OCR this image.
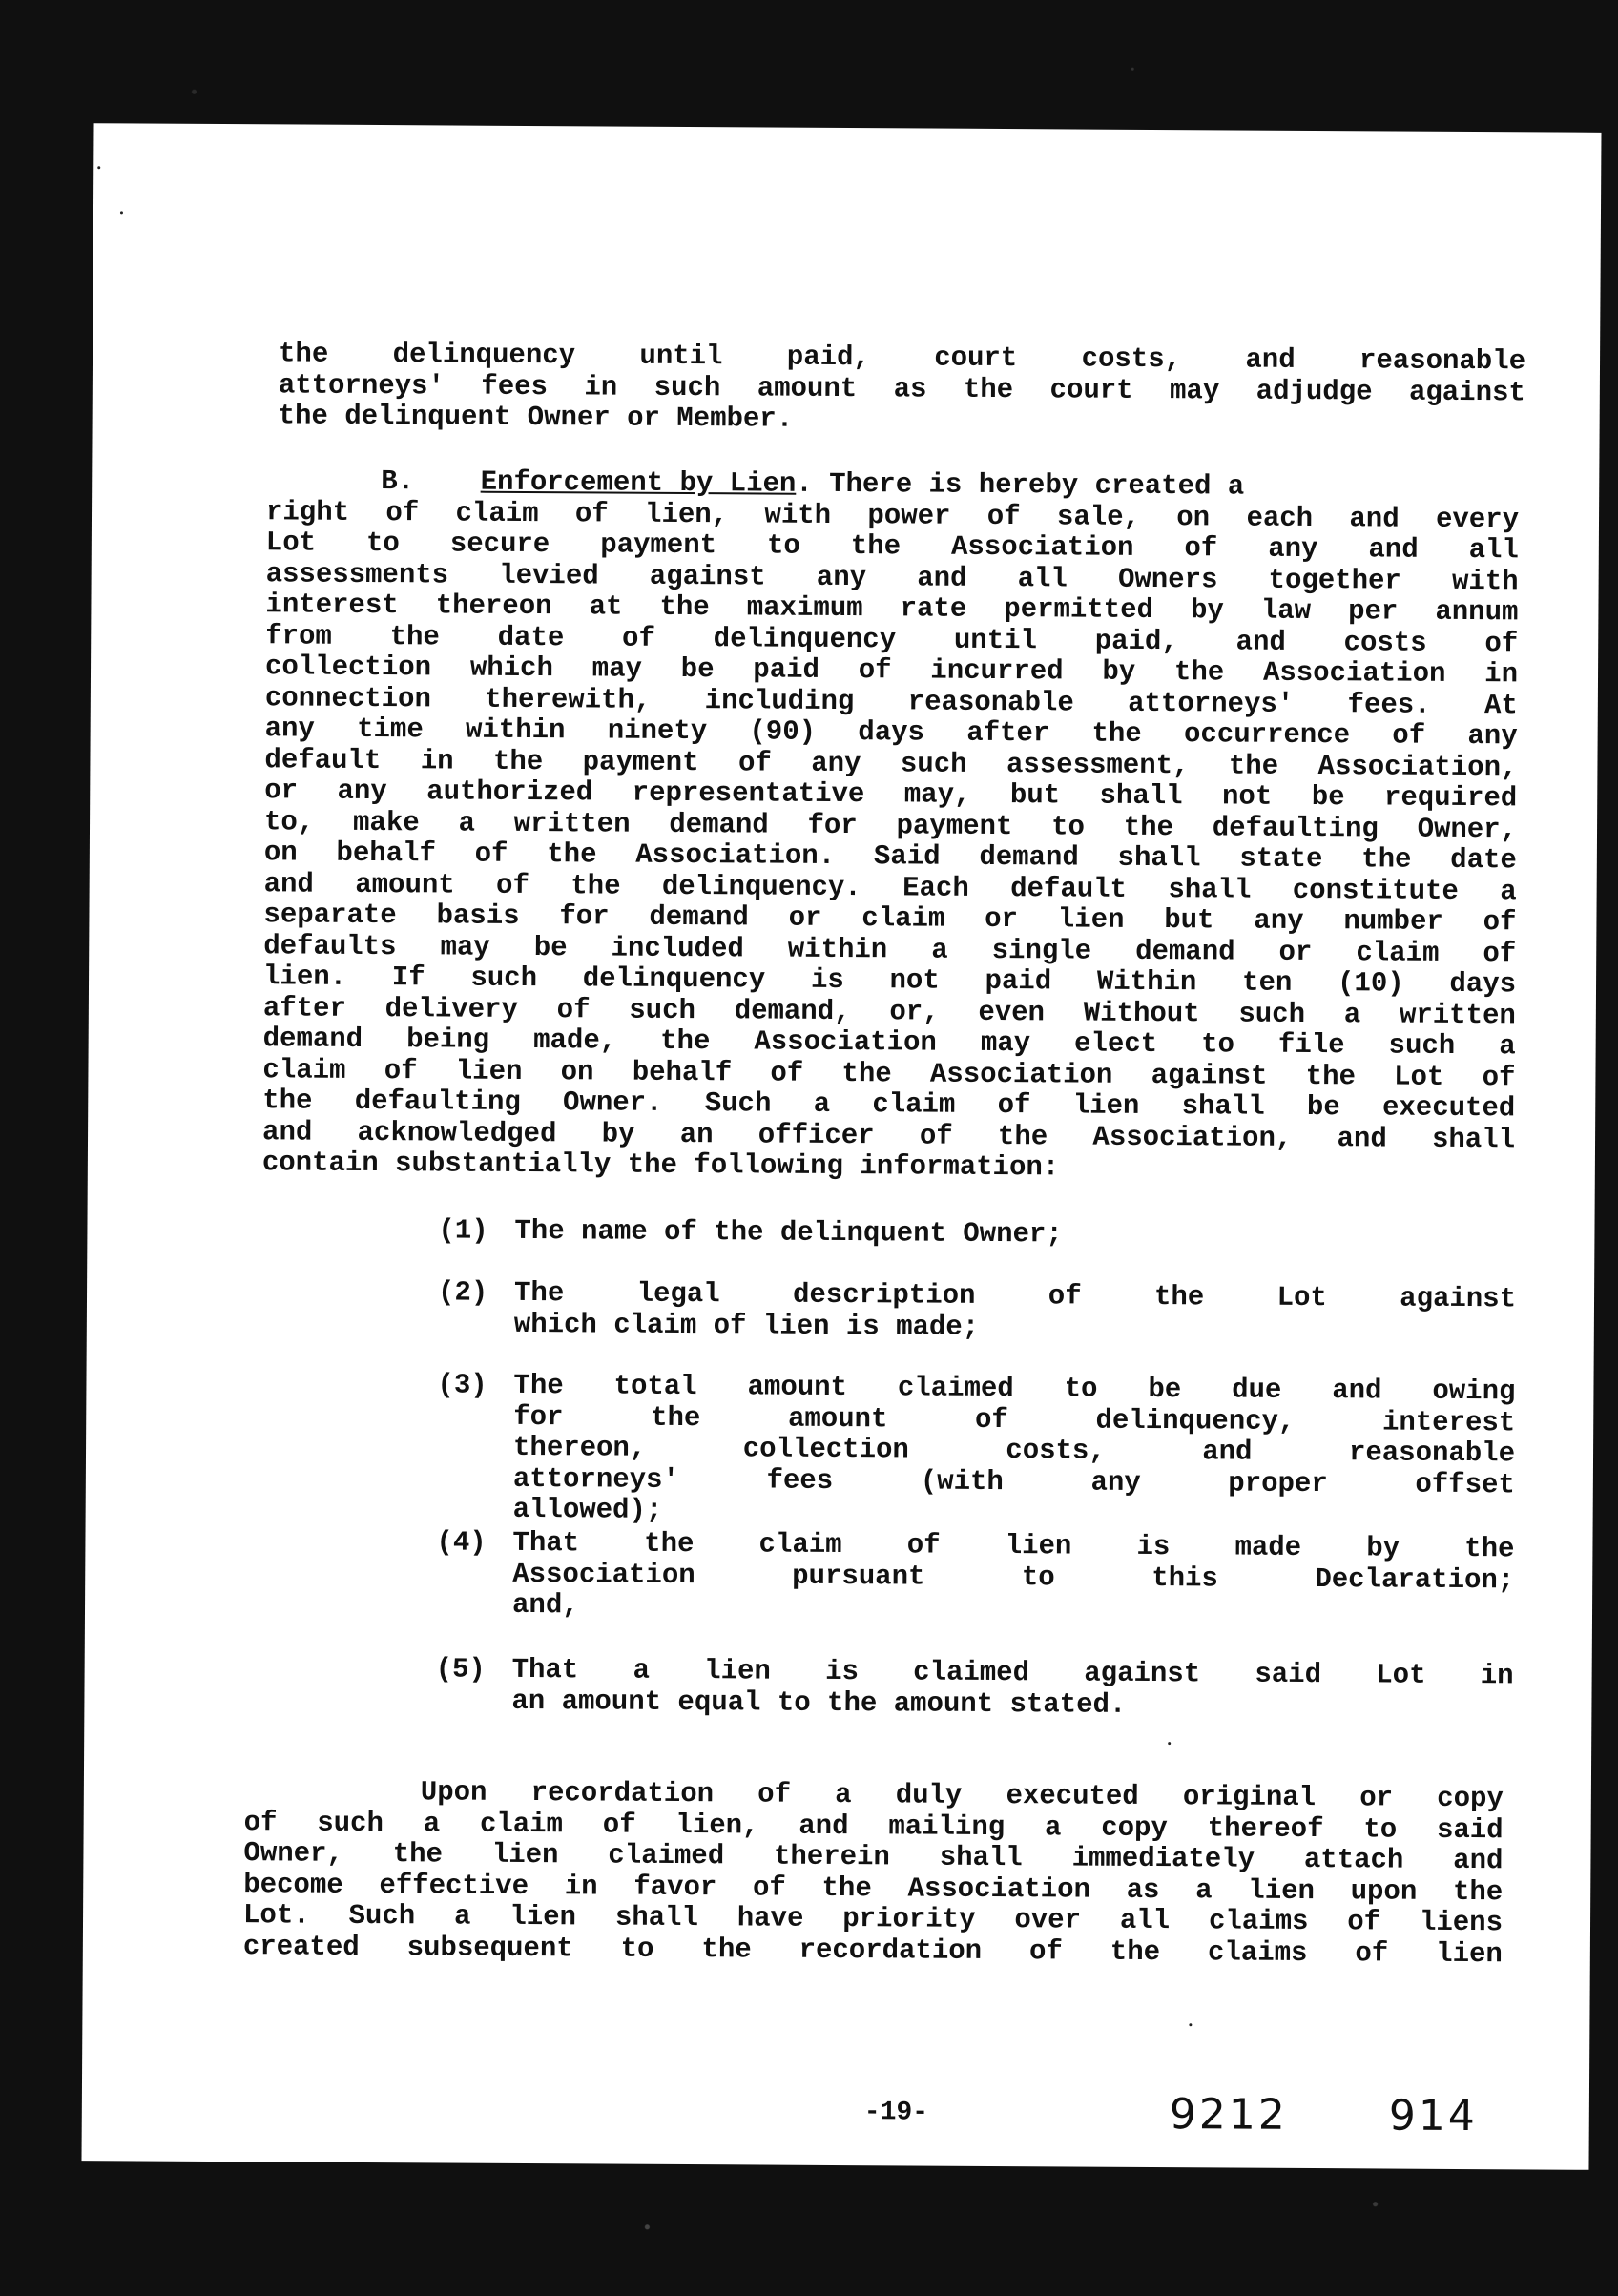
the delinquency until paid, court costs, and reasonable
attorneys' fees in such amount as the court may adjudge against
the delinquent Owner or Member.
B. Enforcement by Lien. There is hereby created a
right of claim of lien, with power of sale, on each and every
Lot to secure payment to the Association of any and all
assessments levied against any and all Owners together with
interest thereon at the maximum rate permitted by law per annum
from the date of delinquency until paid, and costs of
collection which may be paid of incurred by the Association in
connection therewith, including reasonable attorneys' fees. At
any time within ninety (90) days after the occurrence of any
default in the payment of any such assessment, the Association,
or any authorized representative may, but shall not be required
to, make a written demand for payment to the defaulting Owner,
on behalf of the Association. Said demand shall state the date
and amount of the delinquency. Each default shall constitute a
separate basis for demand or claim or lien but any number of
defaults may be included within a single demand or claim of
lien. If such delinquency is not paid Within ten (10) days
after delivery of such demand, or, even Without such a written
demand being made, the Association may elect to file such a
claim of lien on behalf of the Association against the Lot of
the defaulting Owner. Such a claim of lien shall be executed
and acknowledged by an officer of the Association, and shall
contain substantially the following information:
(1) The name of the delinquent Owner;
(2) The legal description of the Lot against
which claim of lien is made;
(3) The total amount claimed to be due and owing
for the amount of delinquency, interest
thereon, collection costs, and reasonable
attorneys' fees (with any proper offset
allowed);
(4) That the claim of lien is made by the
Association pursuant to this Declaration;
and,
(5) That a lien is claimed against said Lot in
an amount equal to the amount stated.
Upon recordation of a duly executed original or copy
of such a claim of lien, and mailing a copy thereof to said
Owner, the lien claimed therein shall immediately attach and
become effective in favor of the Association as a lien upon the
Lot. Such a lien shall have priority over all claims of liens
created subsequent to the recordation of the claims of lien
-19-	9212 914
